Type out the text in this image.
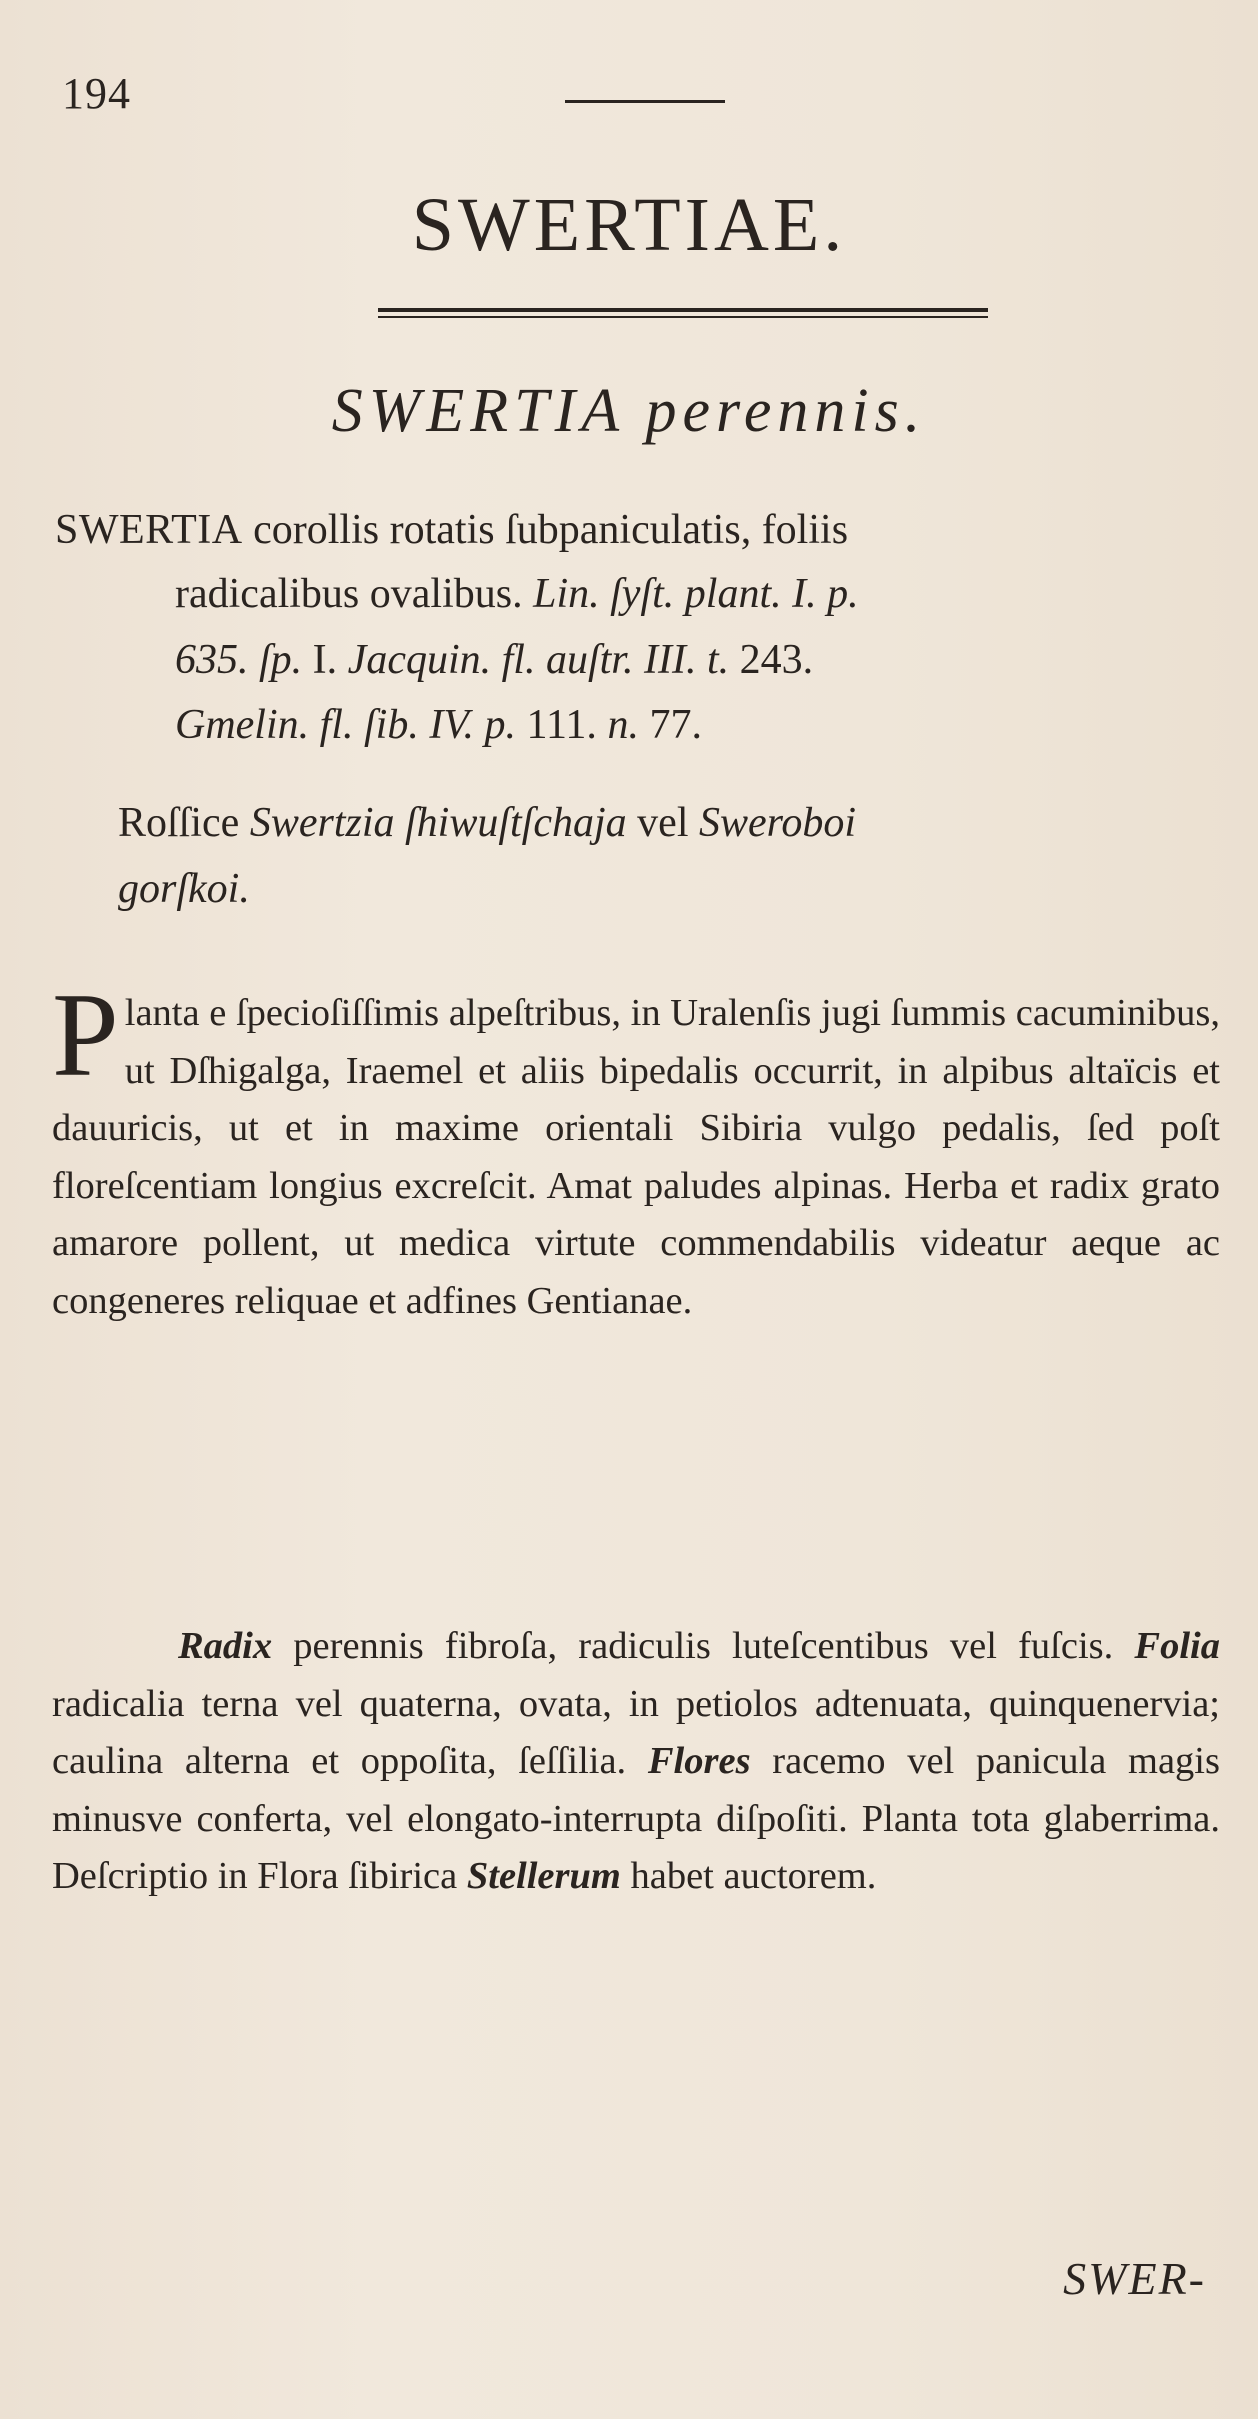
194
SWERTIAE.
SWERTIA perennis.
SWERTIA corollis rotatis ſubpaniculatis, foliis
radicalibus ovalibus. Lin. ſyſt. plant. I. p.
635. ſp. I. Jacquin. fl. auſtr. III. t. 243.
Gmelin. fl. ſib. IV. p. 111. n. 77.
Roſſice Swertzia ſhiwuſtſchaja vel Sweroboi
gorſkoi.

Planta e ſpecioſiſſimis alpeſtribus, in Uralenſis jugi ſummis cacuminibus, ut Dſhigalga, Iraemel et aliis bipedalis occurrit, in alpibus altaïcis et dauuricis, ut et in maxime orientali Sibiria vulgo pedalis, ſed poſt floreſcentiam longius excreſcit. Amat paludes alpinas. Herba et radix grato amarore pollent, ut medica virtute commendabilis videatur aeque ac congeneres reliquae et adfines Gentianae.

Radix perennis fibroſa, radiculis luteſcentibus vel fuſcis. Folia radicalia terna vel quaterna, ovata, in petiolos adtenuata, quinquenervia; caulina alterna et oppoſita, ſeſſilia. Flores racemo vel panicula magis minusve conferta, vel elongato-interrupta diſpoſiti. Planta tota glaberrima. Deſcriptio in Flora ſibirica Stellerum habet auctorem.

SWER-
